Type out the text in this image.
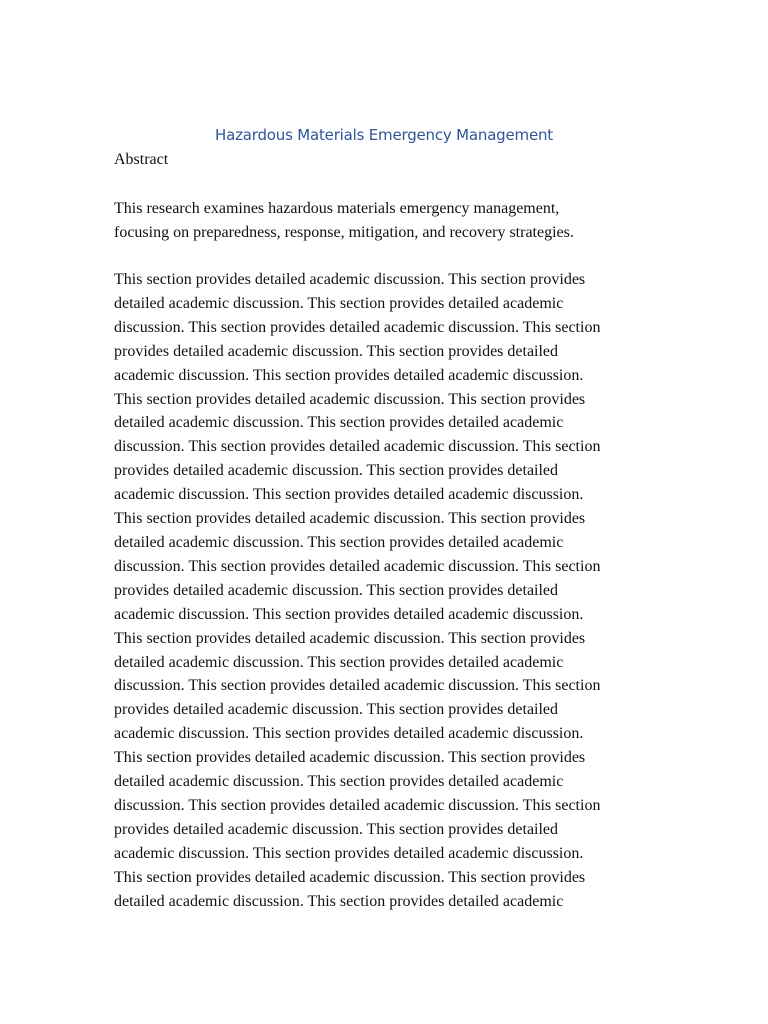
Hazardous Materials Emergency Management

Abstract

This research examines hazardous materials emergency management,
focusing on preparedness, response, mitigation, and recovery strategies.

This section provides detailed academic discussion. This section provides
detailed academic discussion. This section provides detailed academic
discussion. This section provides detailed academic discussion. This section
provides detailed academic discussion. This section provides detailed
academic discussion. This section provides detailed academic discussion.
This section provides detailed academic discussion. This section provides
detailed academic discussion. This section provides detailed academic
discussion. This section provides detailed academic discussion. This section
provides detailed academic discussion. This section provides detailed
academic discussion. This section provides detailed academic discussion.
This section provides detailed academic discussion. This section provides
detailed academic discussion. This section provides detailed academic
discussion. This section provides detailed academic discussion. This section
provides detailed academic discussion. This section provides detailed
academic discussion. This section provides detailed academic discussion.
This section provides detailed academic discussion. This section provides
detailed academic discussion. This section provides detailed academic
discussion. This section provides detailed academic discussion. This section
provides detailed academic discussion. This section provides detailed
academic discussion. This section provides detailed academic discussion.
This section provides detailed academic discussion. This section provides
detailed academic discussion. This section provides detailed academic
discussion. This section provides detailed academic discussion. This section
provides detailed academic discussion. This section provides detailed
academic discussion. This section provides detailed academic discussion.
This section provides detailed academic discussion. This section provides
detailed academic discussion. This section provides detailed academic
